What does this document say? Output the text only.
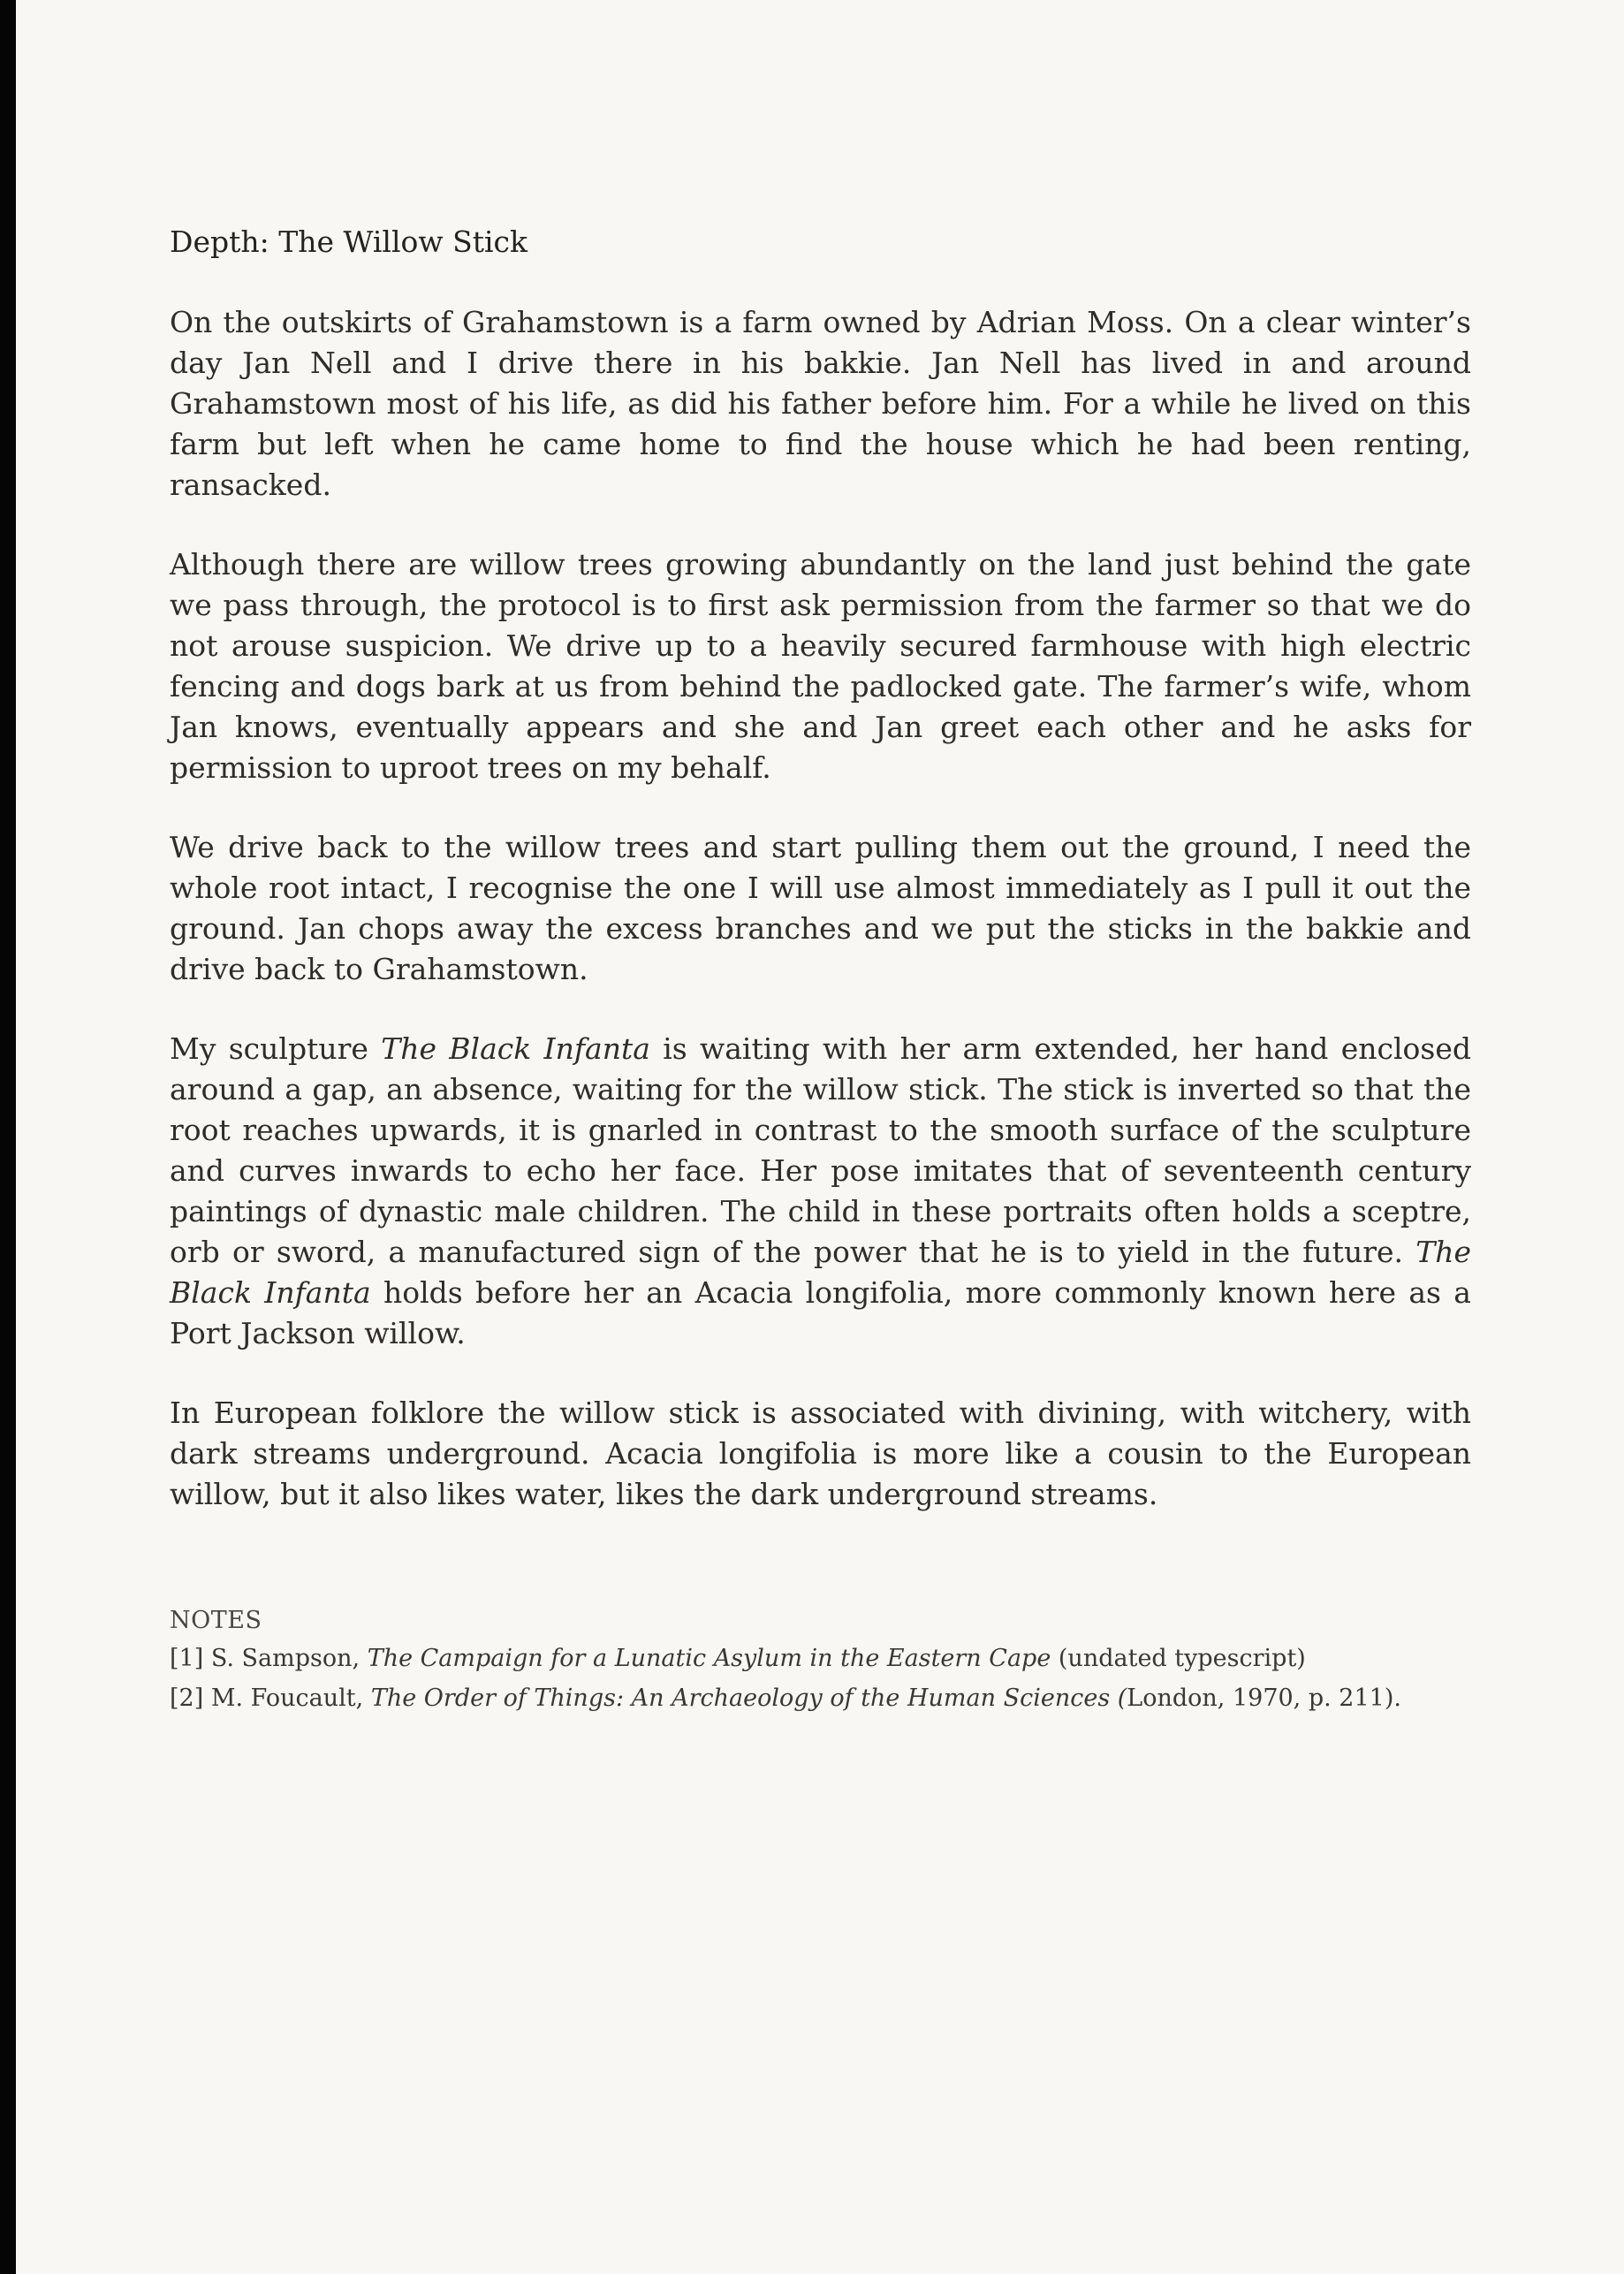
Depth: The Willow Stick

On the outskirts of Grahamstown is a farm owned by Adrian Moss. On a clear winter’s day Jan Nell and I drive there in his bakkie. Jan Nell has lived in and around Grahamstown most of his life, as did his father before him. For a while he lived on this farm but left when he came home to find the house which he had been renting, ransacked.

Although there are willow trees growing abundantly on the land just behind the gate we pass through, the protocol is to first ask permission from the farmer so that we do not arouse suspicion. We drive up to a heavily secured farmhouse with high electric fencing and dogs bark at us from behind the padlocked gate. The farmer’s wife, whom Jan knows, eventually appears and she and Jan greet each other and he asks for permission to uproot trees on my behalf.

We drive back to the willow trees and start pulling them out the ground, I need the whole root intact, I recognise the one I will use almost immediately as I pull it out the ground. Jan chops away the excess branches and we put the sticks in the bakkie and drive back to Grahamstown.

My sculpture The Black Infanta is waiting with her arm extended, her hand enclosed around a gap, an absence, waiting for the willow stick. The stick is inverted so that the root reaches upwards, it is gnarled in contrast to the smooth surface of the sculpture and curves inwards to echo her face. Her pose imitates that of seventeenth century paintings of dynastic male children. The child in these portraits often holds a sceptre, orb or sword, a manufactured sign of the power that he is to yield in the future. The Black Infanta holds before her an Acacia longifolia, more commonly known here as a Port Jackson willow.

In European folklore the willow stick is associated with divining, with witchery, with dark streams underground. Acacia longifolia is more like a cousin to the European willow, but it also likes water, likes the dark underground streams.

NOTES
[1] S. Sampson, The Campaign for a Lunatic Asylum in the Eastern Cape (undated typescript)
[2] M. Foucault, The Order of Things: An Archaeology of the Human Sciences (London, 1970, p. 211).
